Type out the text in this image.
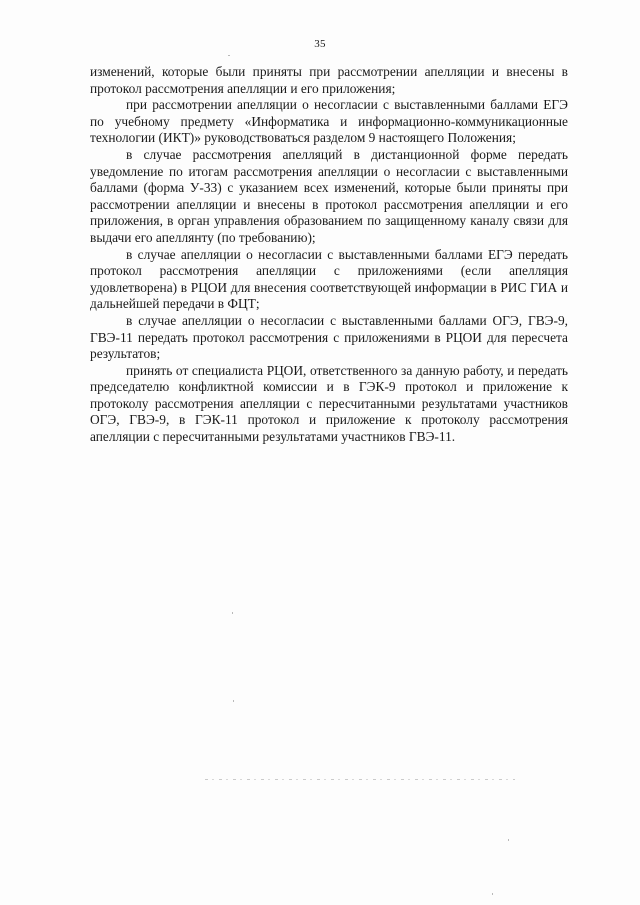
35

изменений, которые были приняты при рассмотрении апелляции и внесены в протокол рассмотрения апелляции и его приложения;

при рассмотрении апелляции о несогласии с выставленными баллами ЕГЭ по учебному предмету «Информатика и информационно-коммуникационные технологии (ИКТ)» руководствоваться разделом 9 настоящего Положения;

в случае рассмотрения апелляций в дистанционной форме передать уведомление по итогам рассмотрения апелляции о несогласии с выставленными баллами (форма У-33) с указанием всех изменений, которые были приняты при рассмотрении апелляции и внесены в протокол рассмотрения апелляции и его приложения, в орган управления образованием по защищенному каналу связи для выдачи его апеллянту (по требованию);

в случае апелляции о несогласии с выставленными баллами ЕГЭ передать протокол рассмотрения апелляции с приложениями (если апелляция удовлетворена) в РЦОИ для внесения соответствующей информации в РИС ГИА и дальнейшей передачи в ФЦТ;

в случае апелляции о несогласии с выставленными баллами ОГЭ, ГВЭ-9, ГВЭ-11 передать протокол рассмотрения с приложениями в РЦОИ для пересчета результатов;

принять от специалиста РЦОИ, ответственного за данную работу, и передать председателю конфликтной комиссии и в ГЭК-9 протокол и приложение к протоколу рассмотрения апелляции с пересчитанными результатами участников ОГЭ, ГВЭ-9, в ГЭК-11 протокол и приложение к протоколу рассмотрения апелляции с пересчитанными результатами участников ГВЭ-11.
